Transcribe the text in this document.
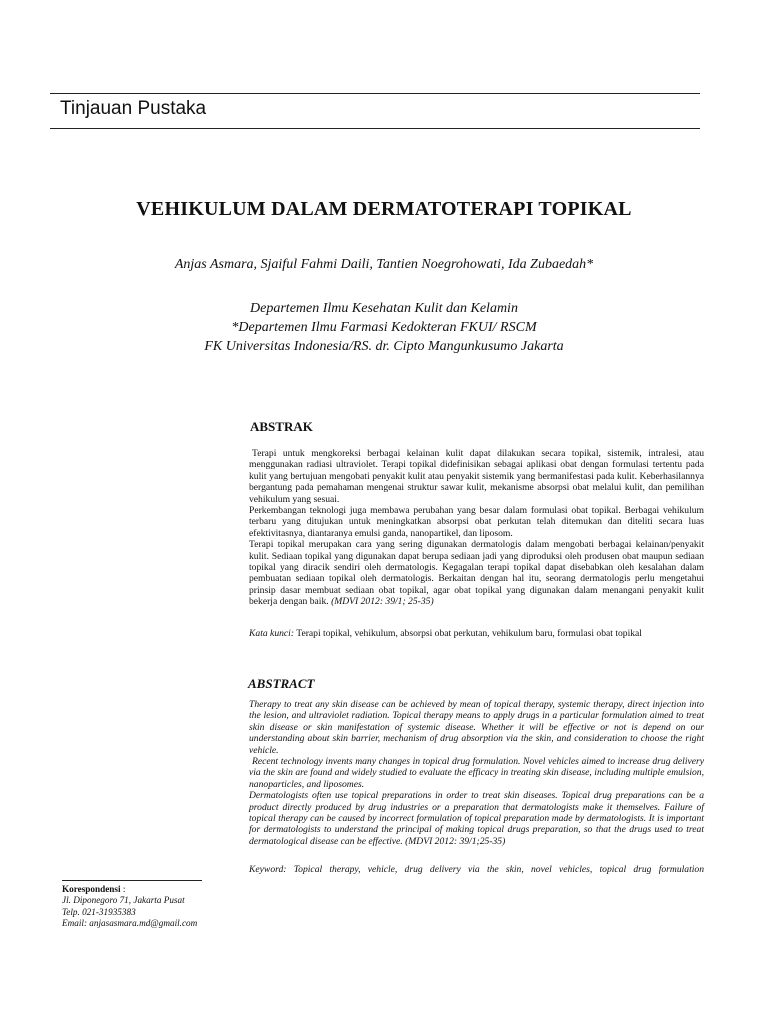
Tinjauan Pustaka
VEHIKULUM DALAM DERMATOTERAPI TOPIKAL
Anjas Asmara, Sjaiful Fahmi Daili, Tantien Noegrohowati, Ida Zubaedah*
Departemen Ilmu Kesehatan Kulit dan Kelamin
*Departemen Ilmu Farmasi Kedokteran FKUI/ RSCM
FK Universitas Indonesia/RS. dr. Cipto Mangunkusumo Jakarta
ABSTRAK
Terapi untuk mengkoreksi berbagai kelainan kulit dapat dilakukan secara topikal, sistemik, intralesi, atau menggunakan radiasi ultraviolet. Terapi topikal didefinisikan sebagai aplikasi obat dengan formulasi tertentu pada kulit yang bertujuan mengobati penyakit kulit atau penyakit sistemik yang bermanifestasi pada kulit. Keberhasilannya bergantung pada pemahaman mengenai struktur sawar kulit, mekanisme absorpsi obat melalui kulit, dan pemilihan vehikulum yang sesuai.
Perkembangan teknologi juga membawa perubahan yang besar dalam formulasi obat topikal. Berbagai vehikulum terbaru yang ditujukan untuk meningkatkan absorpsi obat perkutan telah ditemukan dan diteliti secara luas efektivitasnya, diantaranya emulsi ganda, nanopartikel, dan liposom.
Terapi topikal merupakan cara yang sering digunakan dermatologis dalam mengobati berbagai kelainan/penyakit kulit. Sediaan topikal yang digunakan dapat berupa sediaan jadi yang diproduksi oleh produsen obat maupun sediaan topikal yang diracik sendiri oleh dermatologis. Kegagalan terapi topikal dapat disebabkan oleh kesalahan dalam pembuatan sediaan topikal oleh dermatologis. Berkaitan dengan hal itu, seorang dermatologis perlu mengetahui prinsip dasar membuat sediaan obat topikal, agar obat topikal yang digunakan dalam menangani penyakit kulit bekerja dengan baik. (MDVI 2012: 39/1; 25-35)
Kata kunci: Terapi topikal, vehikulum, absorpsi obat perkutan, vehikulum baru, formulasi obat topikal
ABSTRACT
Therapy to treat any skin disease can be achieved by mean of topical therapy, systemic therapy, direct injection into the lesion, and ultraviolet radiation. Topical therapy means to apply drugs in a particular formulation aimed to treat skin disease or skin manifestation of systemic disease. Whether it will be effective or not is depend on our understanding about skin barrier, mechanism of drug absorption via the skin, and consideration to choose the right vehicle.
Recent technology invents many changes in topical drug formulation. Novel vehicles aimed to increase drug delivery via the skin are found and widely studied to evaluate the efficacy in treating skin disease, including multiple emulsion, nanoparticles, and liposomes.
Dermatologists often use topical preparations in order to treat skin diseases. Topical drug preparations can be a product directly produced by drug industries or a preparation that dermatologists make it themselves. Failure of topical therapy can be caused by incorrect formulation of topical preparation made by dermatologists. It is important for dermatologists to understand the principal of making topical drugs preparation, so that the drugs used to treat dermatological disease can be effective. (MDVI 2012: 39/1;25-35)
Keyword: Topical therapy, vehicle, drug delivery via the skin, novel vehicles, topical drug formulation
Korespondensi :
Jl. Diponegoro 71, Jakarta Pusat
Telp. 021-31935383
Email: anjasasmara.md@gmail.com
